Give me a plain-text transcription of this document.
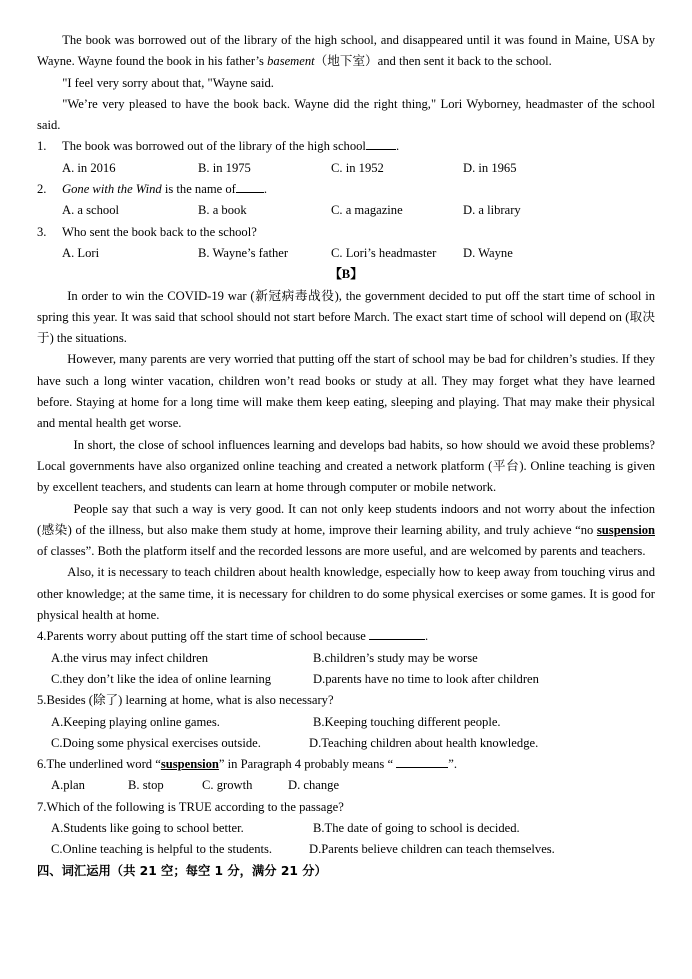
The book was borrowed out of the library of the high school, and disappeared until it was found in Maine, USA by Wayne. Wayne found the book in his father’s basement（地下室）and then sent it back to the school.

"I feel very sorry about that, "Wayne said.

"We’re very pleased to have the book back. Wayne did the right thing," Lori Wyborney, headmaster of the school said.

1.	The book was borrowed out of the library of the high school .
A. in 2016	B. in 1975	C. in 1952	D. in 1965
2.	Gone with the Wind is the name of .
A. a school	B. a book	C. a magazine	D. a library
3.	Who sent the book back to the school?
A. Lori	B. Wayne’s father	C. Lori’s headmaster	D. Wayne

【B】

In order to win the COVID-19 war (新冠病毒战役), the government decided to put off the start time of school in spring this year. It was said that school should not start before March. The exact start time of school will depend on (取决于) the situations.

However, many parents are very worried that putting off the start of school may be bad for children’s studies. If they have such a long winter vacation, children won’t read books or study at all. They may forget what they have learned before. Staying at home for a long time will make them keep eating, sleeping and playing. That may make their physical and mental health get worse.

In short, the close of school influences learning and develops bad habits, so how should we avoid these problems? Local governments have also organized online teaching and created a network platform (平台). Online teaching is given by excellent teachers, and students can learn at home through computer or mobile network.

People say that such a way is very good. It can not only keep students indoors and not worry about the infection (感染) of the illness, but also make them study at home, improve their learning ability, and truly achieve “no suspension of classes”. Both the platform itself and the recorded lessons are more useful, and are welcomed by parents and teachers.

Also, it is necessary to teach children about health knowledge, especially how to keep away from touching virus and other knowledge; at the same time, it is necessary for children to do some physical exercises or some games. It is good for physical health at home.

4.Parents worry about putting off the start time of school because	.

A.the virus may infect children	B.children’s study may be worse
C.they don’t like the idea of online learning	D.parents have no time to look after children

5.Besides (除了) learning at home, what is also necessary?

A.Keeping playing online games.	B.Keeping touching different people.
C.Doing some physical exercises outside.	D.Teaching children about health knowledge.

6.The underlined word “suspension” in Paragraph 4 probably means “	”.

A.plan	B. stop	C. growth	D. change

7.Which of the following is TRUE according to the passage?

A.Students like going to school better.	B.The date of going to school is decided.
C.Online teaching is helpful to the students.	D.Parents believe children can teach themselves.

四、词汇运用（共 21 空；每空 1 分，满分 21 分）
